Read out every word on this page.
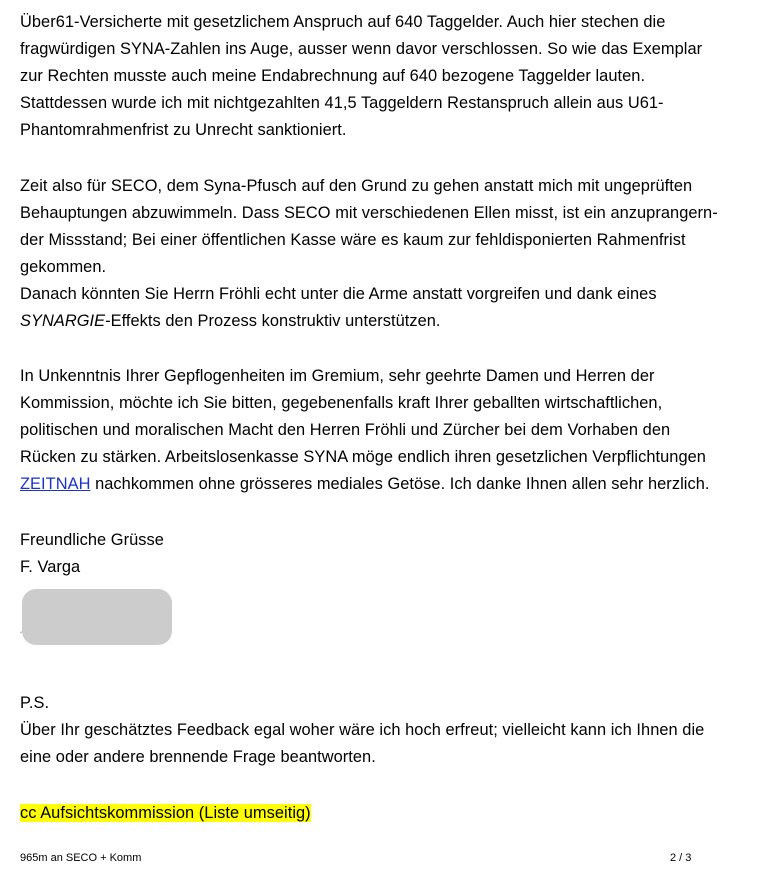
Über61-Versicherte mit gesetzlichem Anspruch auf 640 Taggelder. Auch hier stechen die
fragwürdigen SYNA-Zahlen ins Auge, ausser wenn davor verschlossen. So wie das Exemplar
zur Rechten musste auch meine Endabrechnung auf 640 bezogene Taggelder lauten.
Stattdessen wurde ich mit nichtgezahlten 41,5 Taggeldern Restanspruch allein aus U61-
Phantomrahmenfrist zu Unrecht sanktioniert.
Zeit also für SECO, dem Syna-Pfusch auf den Grund zu gehen anstatt mich mit ungeprüften
Behauptungen abzuwimmeln. Dass SECO mit verschiedenen Ellen misst, ist ein anzuprangern-
der Missstand; Bei einer öffentlichen Kasse wäre es kaum zur fehldisponierten Rahmenfrist
gekommen.
Danach könnten Sie Herrn Fröhli echt unter die Arme anstatt vorgreifen und dank eines
SYNARGIE-Effekts den Prozess konstruktiv unterstützen.
In Unkenntnis Ihrer Gepflogenheiten im Gremium, sehr geehrte Damen und Herren der
Kommission, möchte ich Sie bitten, gegebenenfalls kraft Ihrer geballten wirtschaftlichen,
politischen und moralischen Macht den Herren Fröhli und Zürcher bei dem Vorhaben den
Rücken zu stärken. Arbeitslosenkasse SYNA möge endlich ihren gesetzlichen Verpflichtungen
ZEITNAH nachkommen ohne grösseres mediales Getöse. Ich danke Ihnen allen sehr herzlich.
Freundliche Grüsse
F. Varga
P.S.
Über Ihr geschätztes Feedback egal woher wäre ich hoch erfreut; vielleicht kann ich Ihnen die
eine oder andere brennende Frage beantworten.
cc Aufsichtskommission (Liste umseitig)
965m an SECO + Komm	2 / 3
